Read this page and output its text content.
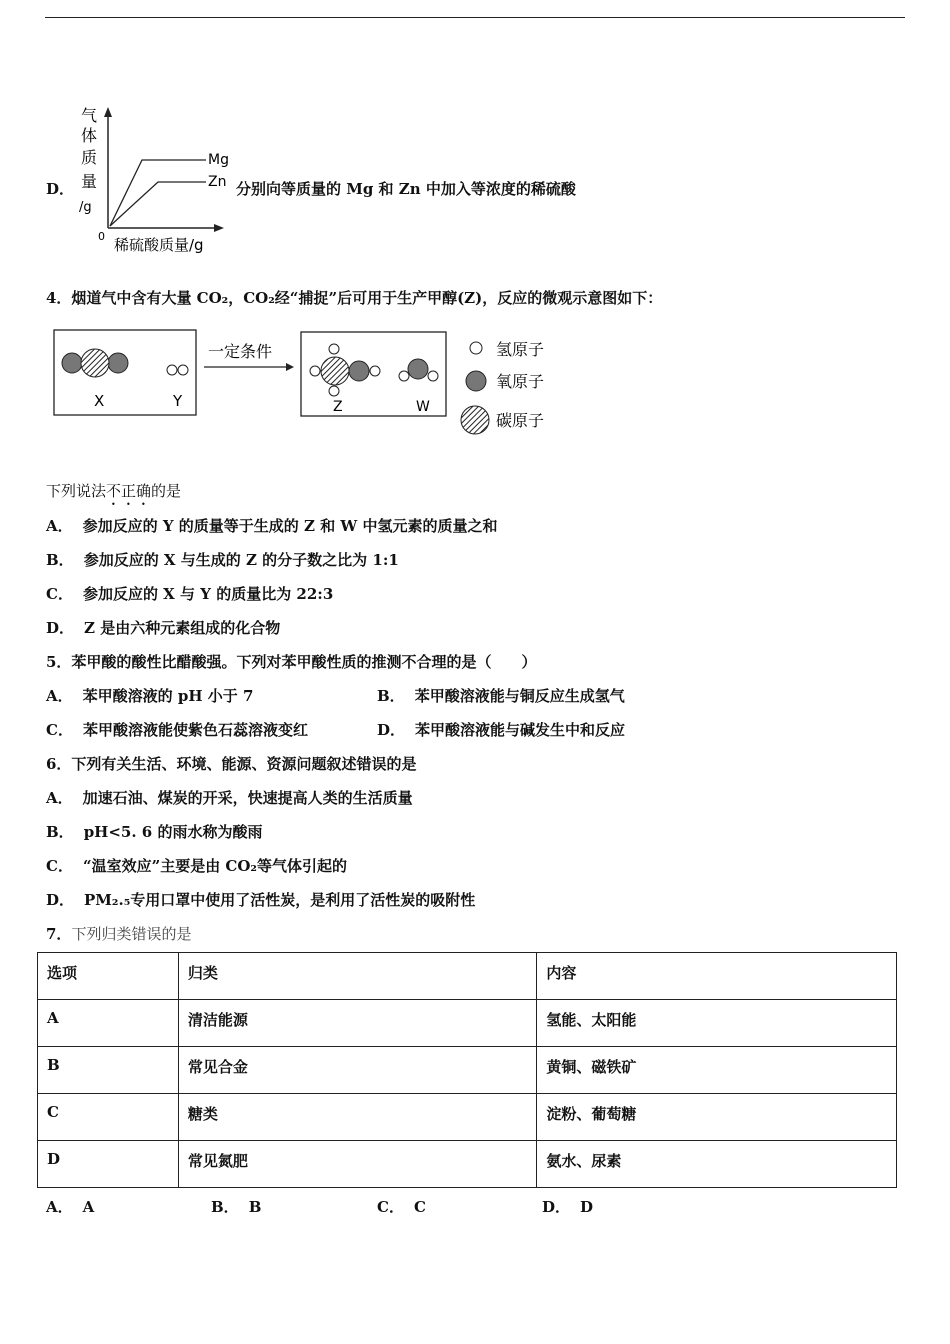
D．
气
体
质
量
/g
0 稀硫酸质量/g
Mg
Zn 分别向等质量的 Mg 和 Zn 中加入等浓度的稀硫酸
4．烟道气中含有大量 CO₂，CO₂经“捕捉”后可用于生产甲醇(Z)，反应的微观示意图如下：
X	Y
一定条件
Z	W
氢原子
氧原子
碳原子
下列说法不正确的是
A． 参加反应的 Y 的质量等于生成的 Z 和 W 中氢元素的质量之和
B． 参加反应的 X 与生成的 Z 的分子数之比为 1:1
C． 参加反应的 X 与 Y 的质量比为 22:3
D． Z 是由六种元素组成的化合物
5．苯甲酸的酸性比醋酸强。下列对苯甲酸性质的推测不合理的是（　　）
A． 苯甲酸溶液的 pH 小于 7	B． 苯甲酸溶液能与铜反应生成氢气
C． 苯甲酸溶液能使紫色石蕊溶液变红	D． 苯甲酸溶液能与碱发生中和反应
6．下列有关生活、环境、能源、资源问题叙述错误的是
A． 加速石油、煤炭的开采，快速提高人类的生活质量
B． pH<5. 6 的雨水称为酸雨
C． “温室效应”主要是由 CO₂等气体引起的
D． PM₂.₅专用口罩中使用了活性炭，是利用了活性炭的吸附性
7．下列归类错误的是
选项	归类	内容
A	清洁能源	氢能、太阳能
B	常见合金	黄铜、磁铁矿
C	糖类	淀粉、葡萄糖
D	常见氮肥	氨水、尿素
A． A	B． B	C． C	D． D
